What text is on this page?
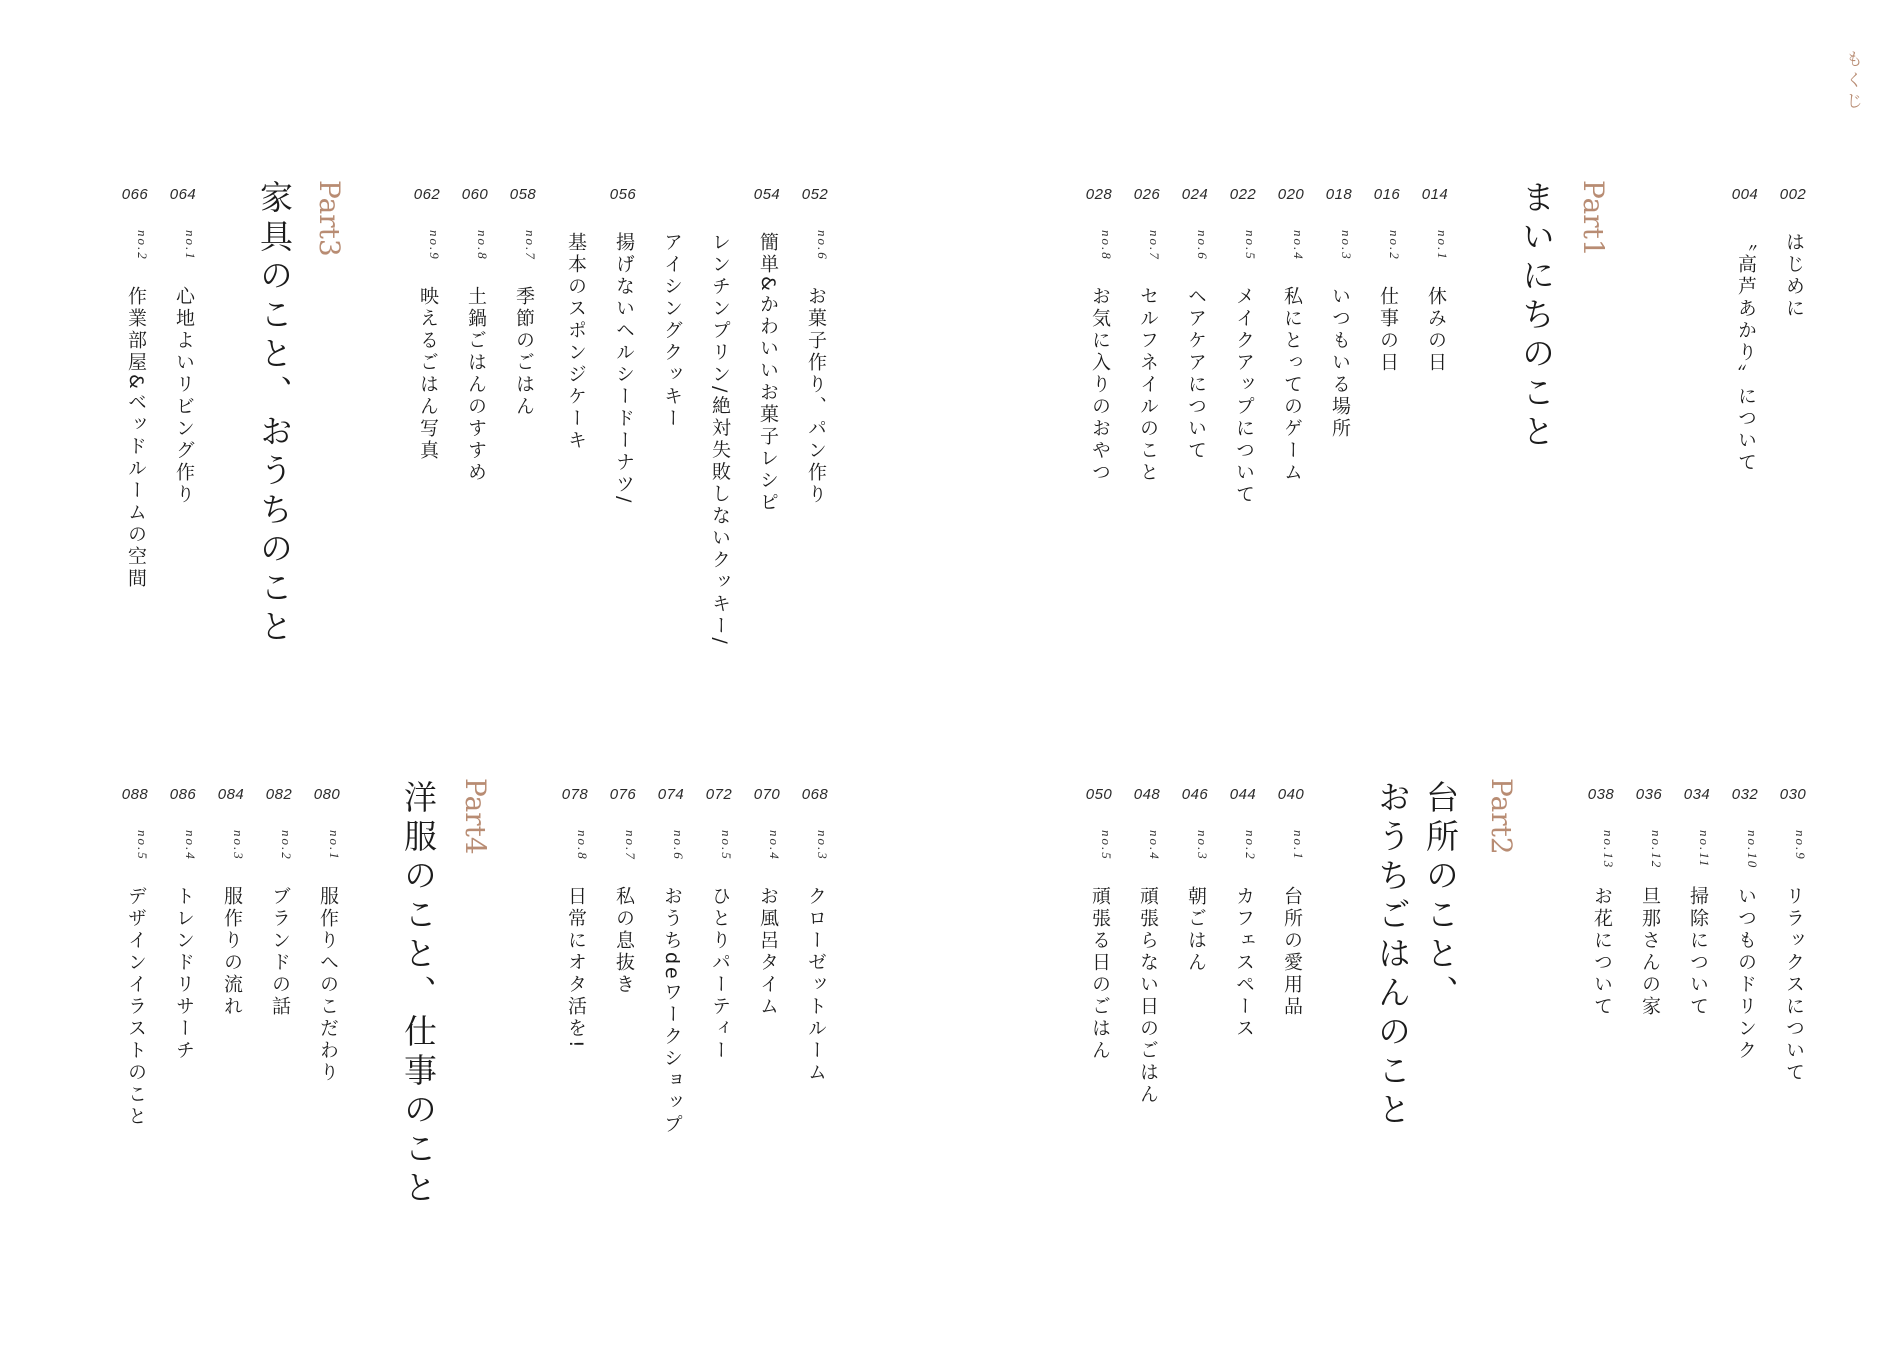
もくじ
002
はじめに
004
〝高芦あかり〟について
Part1
まいにちのこと
014
no.1
休みの日
016
no.2
仕事の日
018
no.3
いつもいる場所
020
no.4
私にとってのゲーム
022
no.5
メイクアップについて
024
no.6
ヘアケアについて
026
no.7
セルフネイルのこと
028
no.8
お気に入りのおやつ
052
no.6
お菓子作り、パン作り
054
簡単&かわいいお菓子レシピ
レンチンプリン/絶対失敗しないクッキー/
アイシングクッキー
056
揚げないヘルシードーナツ/
基本のスポンジケーキ
058
no.7
季節のごはん
060
no.8
土鍋ごはんのすすめ
062
no.9
映えるごはん写真
Part3
家具のこと、おうちのこと
064
no.1
心地よいリビング作り
066
no.2
作業部屋&ベッドルームの空間
030
no.9
リラックスについて
032
no.10
いつものドリンク
034
no.11
掃除について
036
no.12
旦那さんの家
038
no.13
お花について
Part2
台所のこと、
おうちごはんのこと
040
no.1
台所の愛用品
044
no.2
カフェスペース
046
no.3
朝ごはん
048
no.4
頑張らない日のごはん
050
no.5
頑張る日のごはん
068
no.3
クローゼットルーム
070
no.4
お風呂タイム
072
no.5
ひとりパーティー
074
no.6
おうちdeワークショップ
076
no.7
私の息抜き
078
no.8
日常にオタ活を!
Part4
洋服のこと、仕事のこと
080
no.1
服作りへのこだわり
082
no.2
ブランドの話
084
no.3
服作りの流れ
086
no.4
トレンドリサーチ
088
no.5
デザインイラストのこと
